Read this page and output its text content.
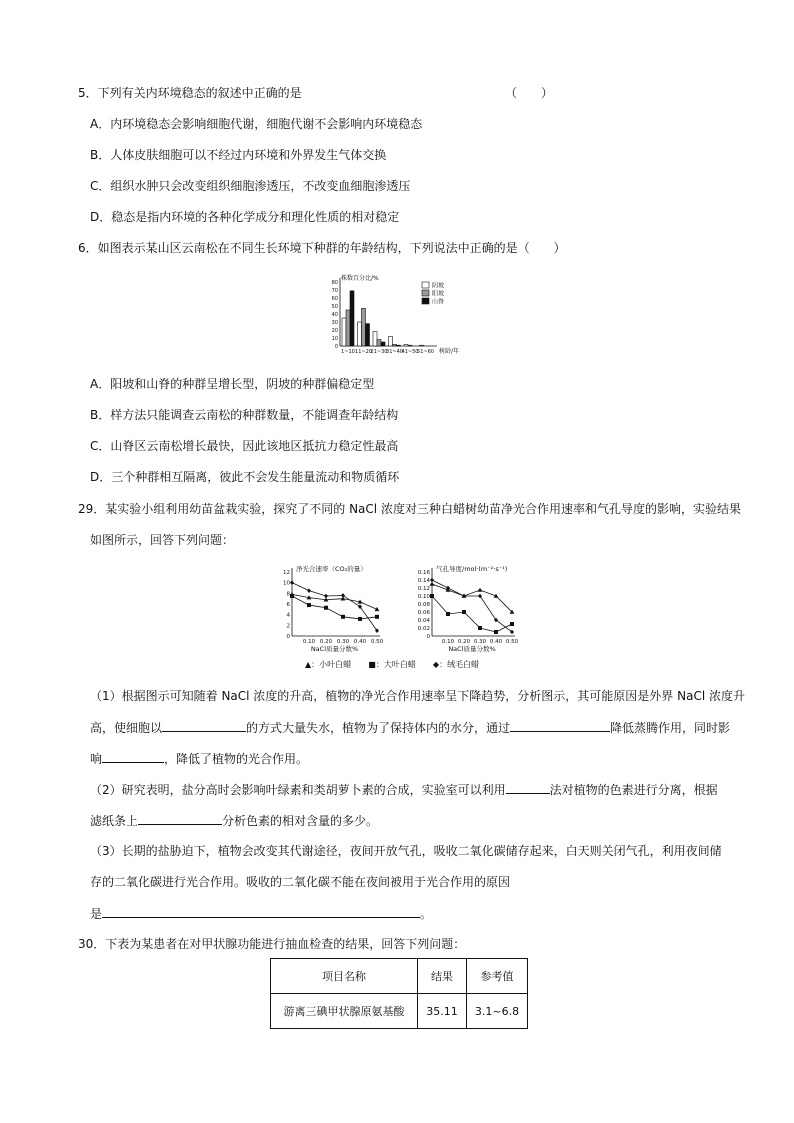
5．下列有关内环境稳态的叙述中正确的是	（　　）
A．内环境稳态会影响细胞代谢，细胞代谢不会影响内环境稳态
B．人体皮肤细胞可以不经过内环境和外界发生气体交换
C．组织水肿只会改变组织细胞渗透压，不改变血细胞渗透压
D．稳态是指内环境的各种化学成分和理化性质的相对稳定
6．如图表示某山区云南松在不同生长环境下种群的年龄结构，下列说法中正确的是（　　）
0
10
20
30
40
50
60
70
80
株数百分比/%
1~10 11~20
21~30
31~40
41~50
51~60 树龄/年
阴坡
阳坡
山脊
A．阳坡和山脊的种群呈增长型，阴坡的种群偏稳定型
B．样方法只能调查云南松的种群数量，不能调查年龄结构
C．山脊区云南松增长最快，因此该地区抵抗力稳定性最高
D．三个种群相互隔离，彼此不会发生能量流动和物质循环
29．某实验小组利用幼苗盆栽实验，探究了不同的 NaCl 浓度对三种白蜡树幼苗净光合作用速率和气孔导度的影响，实验结果
如图所示，回答下列问题：
0
2
4
6
8
10
12
0.10 0.20 0.30 0.40 0.50
净光合速率（CO₂的量）
NaCl质量分数%
0
0.02
0.04
0.06
0.08
0.10
0.12
0.14
0.16
0.10 0.20 0.30 0.40 0.50
气孔导度/mol·(m⁻²·s⁻¹)
NaCl质量分数%
▲：小叶白蜡 ■：大叶白蜡 ◆：绒毛白蜡
（1）根据图示可知随着 NaCl 浓度的升高，植物的净光合作用速率呈下降趋势，分析图示，其可能原因是外界 NaCl 浓度升
高，使细胞以	的方式大量失水，植物为了保持体内的水分，通过	降低蒸腾作用，同时影
响	，降低了植物的光合作用。
（2）研究表明，盐分高时会影响叶绿素和类胡萝卜素的合成，实验室可以利用	法对植物的色素进行分离，根据
滤纸条上	分析色素的相对含量的多少。
（3）长期的盐胁迫下，植物会改变其代谢途径，夜间开放气孔，吸收二氧化碳储存起来，白天则关闭气孔，利用夜间储
存的二氧化碳进行光合作用。吸收的二氧化碳不能在夜间被用于光合作用的原因
是	。
30．下表为某患者在对甲状腺功能进行抽血检查的结果，回答下列问题：
项目名称	结果	参考值
游离三碘甲状腺原氨基酸	35.11	3.1~6.8
